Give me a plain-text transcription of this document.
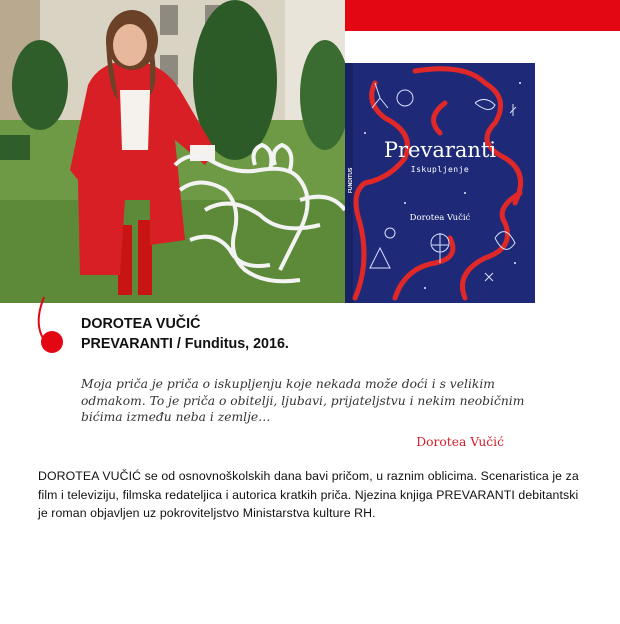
FUNDITUS
Prevaranti
Iskupljenje
Dorotea Vučić
DOROTEA VUČIĆ
PREVARANTI / Funditus, 2016.
Moja priča je priča o iskupljenju koje nekada može doći i s velikim odmakom. To je priča o obitelji, ljubavi, prijateljstvu i nekim neobičnim bićima između neba i zemlje…
Dorotea Vučić
DOROTEA VUČIĆ se od osnovnoškolskih dana bavi pričom, u raznim oblicima. Scenaristica je za film i televiziju, filmska redateljica i autorica kratkih priča. Njezina knjiga PREVARANTI debitantski je roman objavljen uz pokroviteljstvo Ministarstva kulture RH.
